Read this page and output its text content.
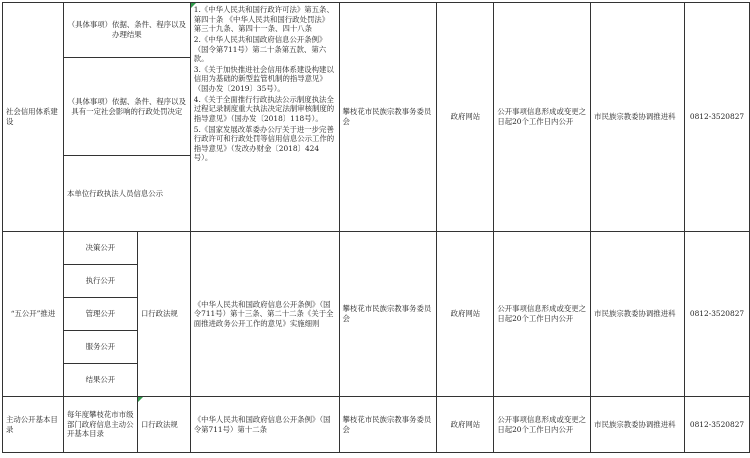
社会信用体系建设	（具体事项）依据、条件、程序以及办理结果		1.《中华人民共和国行政许可法》第五条、第四十条 《中华人民共和国行政处罚法》第三十九条、第四十一条、四十八条
2.《中华人民共和国政府信息公开条例》（国令第711号）第二十条第五款、第六款。
3.《关于加快推进社会信用体系建设构建以信用为基础的新型监管机制的指导意见》（国办发〔2019〕35号）。
4.《关于全面推行行政执法公示制度执法全过程记录制度重大执法决定法制审核制度的指导意见》（国办发〔2018〕118号）。
5.《国家发展改革委办公厅关于进一步完善行政许可和行政处罚等信用信息公示工作的指导意见》（发改办财金〔2018〕424号）。	攀枝花市民族宗教事务委员会	政府网站	公开事项信息形成或变更之日起20个工作日内公开	市民族宗教委协调推进科	0812-3520827
	（具体事项）依据、条件、程序以及具有一定社会影响的行政处罚决定							
	本单位行政执法人员信息公示							
“五公开”推进	决策公开	口行政法规	《中华人民共和国政府信息公开条例》（国令711号）第十三条、第二十二条《关于全面推进政务公开工作的意见》实施细则	攀枝花市民族宗教事务委员会	政府网站	公开事项信息形成或变更之日起20个工作日内公开	市民族宗教委协调推进科	0812-3520827
	执行公开							
	管理公开							
	服务公开							
	结果公开							
主动公开基本目录	每年度攀枝花市市级部门政府信息主动公开基本目录	口行政法规	《中华人民共和国政府信息公开条例》（国令第711号）第十二条	攀枝花市民族宗教事务委员会	政府网站	公开事项信息形成或变更之日起20个工作日内公开	市民族宗教委协调推进科	0812-3520827
